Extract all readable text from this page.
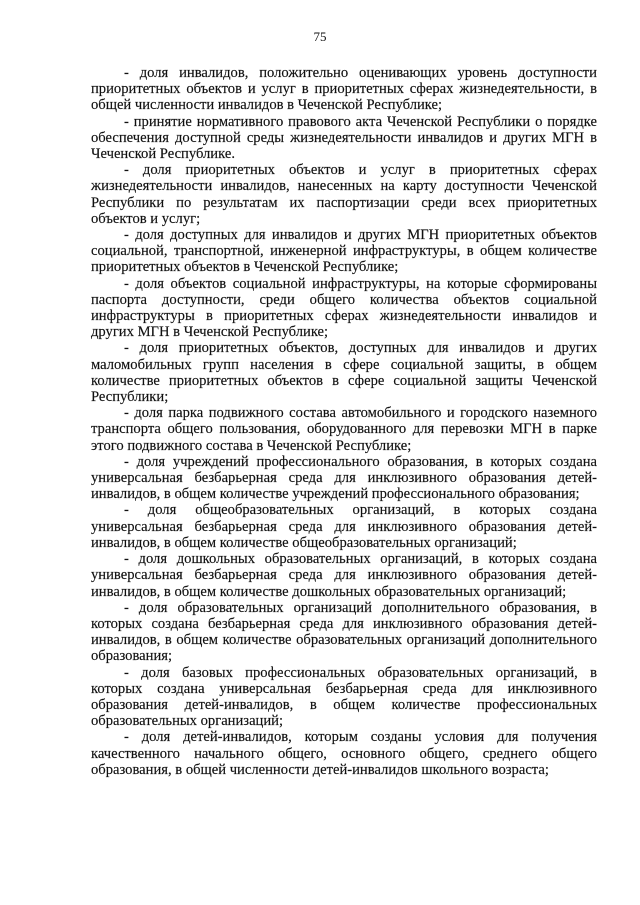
75

- доля инвалидов, положительно оценивающих уровень доступности приоритетных объектов и услуг в приоритетных сферах жизнедеятельности, в общей численности инвалидов в Чеченской Республике;

- принятие нормативного правового акта Чеченской Республики о порядке обеспечения доступной среды жизнедеятельности инвалидов и других МГН в Чеченской Республике.

- доля приоритетных объектов и услуг в приоритетных сферах жизнедеятельности инвалидов, нанесенных на карту доступности Чеченской Республики по результатам их паспортизации среди всех приоритетных объектов и услуг;

- доля доступных для инвалидов и других МГН приоритетных объектов социальной, транспортной, инженерной инфраструктуры, в общем количестве приоритетных объектов в Чеченской Республике;

- доля объектов социальной инфраструктуры, на которые сформированы паспорта доступности, среди общего количества объектов социальной инфраструктуры в приоритетных сферах жизнедеятельности инвалидов и других МГН в Чеченской Республике;

- доля приоритетных объектов, доступных для инвалидов и других маломобильных групп населения в сфере социальной защиты, в общем количестве приоритетных объектов в сфере социальной защиты Чеченской Республики;

- доля парка подвижного состава автомобильного и городского наземного транспорта общего пользования, оборудованного для перевозки МГН в парке этого подвижного состава в Чеченской Республике;

- доля учреждений профессионального образования, в которых создана универсальная безбарьерная среда для инклюзивного образования детей-инвалидов, в общем количестве учреждений профессионального образования;

- доля общеобразовательных организаций, в которых создана универсальная безбарьерная среда для инклюзивного образования детей-инвалидов, в общем количестве общеобразовательных организаций;

- доля дошкольных образовательных организаций, в которых создана универсальная безбарьерная среда для инклюзивного образования детей-инвалидов, в общем количестве дошкольных образовательных организаций;

- доля образовательных организаций дополнительного образования, в которых создана безбарьерная среда для инклюзивного образования детей-инвалидов, в общем количестве образовательных организаций дополнительного образования;

- доля базовых профессиональных образовательных организаций, в которых создана универсальная безбарьерная среда для инклюзивного образования детей-инвалидов, в общем количестве профессиональных образовательных организаций;

- доля детей-инвалидов, которым созданы условия для получения качественного начального общего, основного общего, среднего общего образования, в общей численности детей-инвалидов школьного возраста;
